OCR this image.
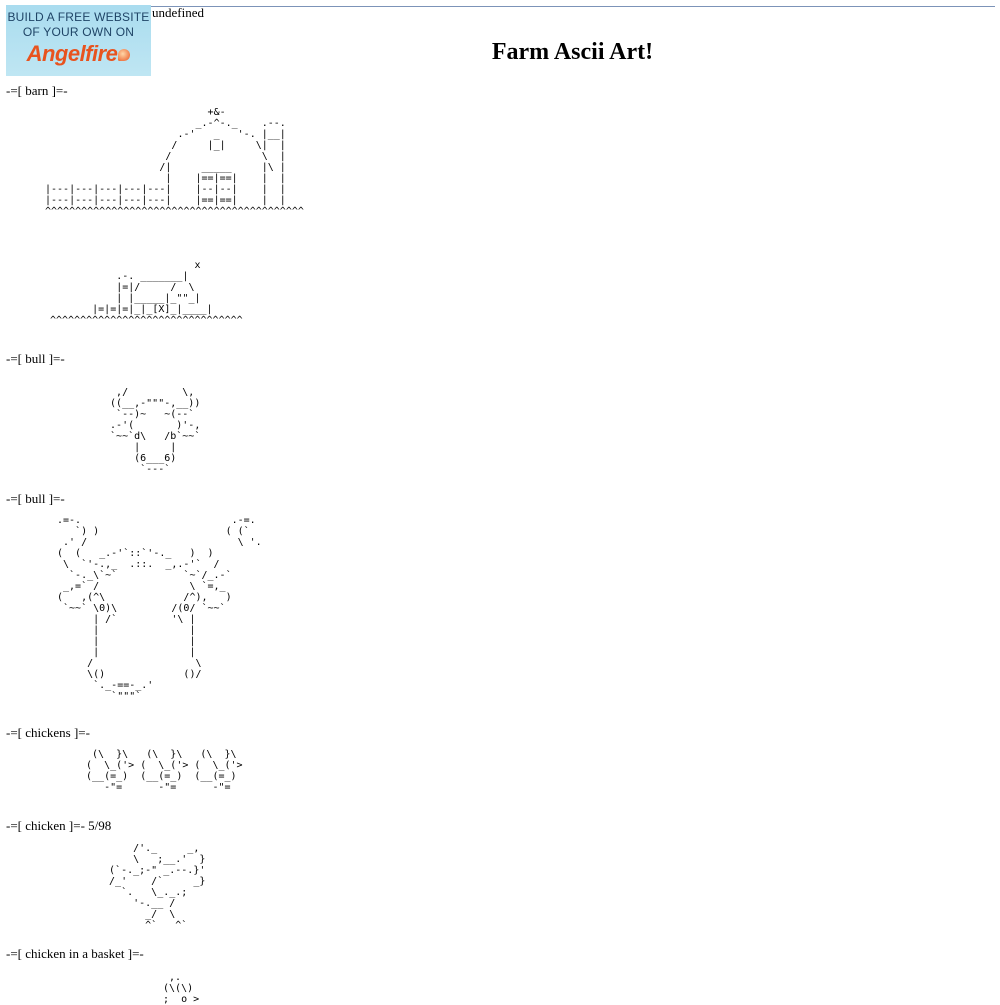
BUILD A FREE WEBSITE
OF YOUR OWN ON
Angelfire
undefined
Farm Ascii Art!
-=[ barn ]=-
+&-
_.-^-._    .--.
.-'   _   '-. |__|
/     |_|     \|  |
/               \  |
/|     _____     |\ |
|    |==|==|    |  |
|---|---|---|---|---|    |--|--|    |  |
|---|---|---|---|---|    |==|==|    |  |
^^^^^^^^^^^^^^^^^^^^^^^^^^^^^^^^^^^^^^^^^^^
x
.-. _______|
|=|/     /  \
| |_____|_""_|
|=|=|=|_|_[X]_|____|
^^^^^^^^^^^^^^^^^^^^^^^^^^^^^^^^
-=[ bull ]=-
,/         \,
((__,-"""-,__))
`--)~   ~(--`
.-'(       )'-,
`~~`d\   /b`~~`
|     |
(6___6)
`---`
-=[ bull ]=-
.=-.                         .-=.
`) )                     ( (`
.' /                         \ '.
(  (   _.-'`::`'-._   )  )
\  `'-.,_  .::.  _,.-'`  /
`-._\`~`           `~`/_.-`
_,=` /               \ `=,_
(   ,(^\             /^),   )
`~~` \0)\         /(0/ `~~`
| /`         '\ |
|               |
|               |
|               |
/                 \
\()             ()/
`._-==-_.'
`"""`
-=[ chickens ]=-
(\  }\   (\  }\   (\  }\
(  \_('> (  \_('> (  \_('>
(__(=_)  (__(=_)  (__(=_)
-"=      -"=      -"=
-=[ chicken ]=- 5/98
/'._     _,
\   ;__.'  }
(`-._;-" _.--.}'
/_'    /`     _}
`.   \_._.;
'-.__ /
_/  \
^`   ^`
-=[ chicken in a basket ]=-
,.
(\(\)
;  o >
